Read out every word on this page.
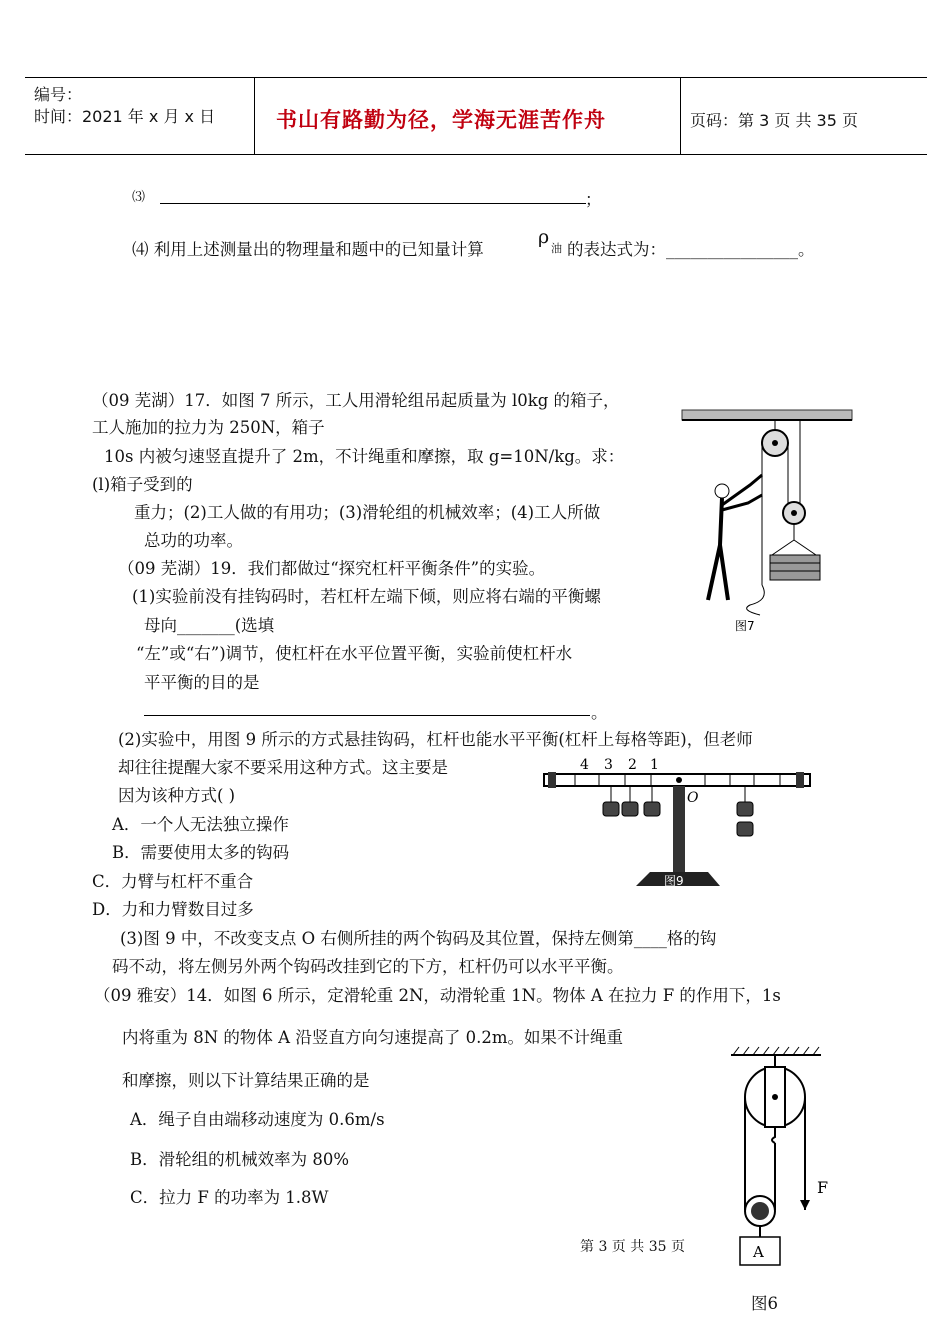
编号：
时间：2021 年 x 月 x 日	书山有路勤为径，学海无涯苦作舟	页码：第 3 页 共 35 页
⑶	；
⑷ 利用上述测量出的物理量和题中的已知量计算
ρ
油 的表达式为：________________。
（09 芜湖）17．如图 7 所示，工人用滑轮组吊起质量为 l0kg 的箱子，
工人施加的拉力为 250N，箱子
10s 内被匀速竖直提升了 2m，不计绳重和摩擦，取 g=10N/kg。求：
(l)箱子受到的
重力；(2)工人做的有用功；(3)滑轮组的机械效率；(4)工人所做
总功的功率。
图7
（09 芜湖）19．我们都做过“探究杠杆平衡条件”的实验。
(1)实验前没有挂钩码时，若杠杆左端下倾，则应将右端的平衡螺
母向_______(选填
“左”或“右”)调节，使杠杆在水平位置平衡，实验前使杠杆水
平平衡的目的是
。
(2)实验中，用图 9 所示的方式悬挂钩码，杠杆也能水平平衡(杠杆上每格等距)，但老师
却往往提醒大家不要采用这种方式。这主要是
因为该种方式( )
A．一个人无法独立操作
B．需要使用太多的钩码
C．力臂与杠杆不重合
D．力和力臂数目过多
(3)图 9 中，不改变支点 O 右侧所挂的两个钩码及其位置，保持左侧第____格的钩
码不动，将左侧另外两个钩码改挂到它的下方，杠杆仍可以水平平衡。
4 3 2 1
O
图9
（09 雅安）14．如图 6 所示，定滑轮重 2N，动滑轮重 1N。物体 A 在拉力 F 的作用下，1s
内将重为 8N 的物体 A 沿竖直方向匀速提高了 0.2m。如果不计绳重
和摩擦，则以下计算结果正确的是
A．绳子自由端移动速度为 0.6m/s
B．滑轮组的机械效率为 80%
C．拉力 F 的功率为 1.8W
A
F
图6
第 3 页 共 35 页
